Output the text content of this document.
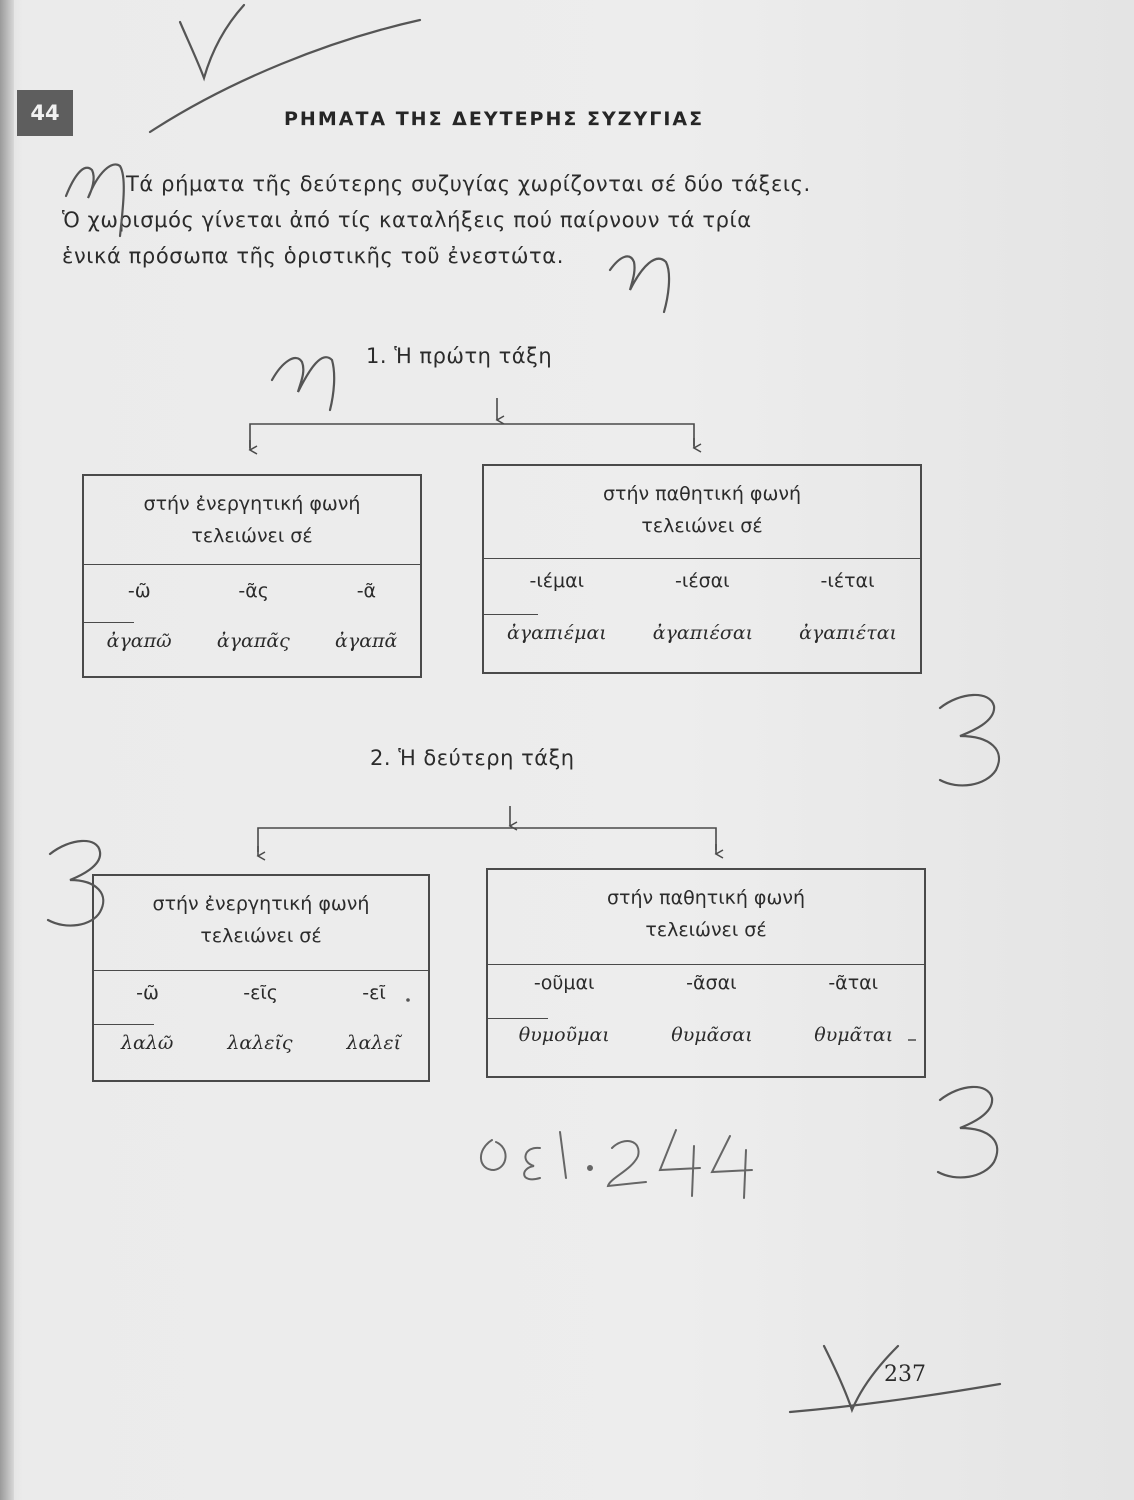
44	ΡΗΜΑΤΑ ΤΗΣ ΔΕΥΤΕΡΗΣ ΣΥΖΥΓΙΑΣ
Τά ρήματα τῆς δεύτερης συζυγίας χωρίζονται σέ δύο τάξεις.
Ὁ χωρισμός γίνεται ἀπό τίς καταλήξεις πού παίρνουν τά τρία
ἑνικά πρόσωπα τῆς ὁριστικῆς τοῦ ἐνεστώτα.
1. Ἡ πρώτη τάξη
στήν ἐνεργητική φωνή
τελειώνει σέ
-ῶ	-ᾶς	-ᾶ
ἀγαπῶ ἀγαπᾶς ἀγαπᾶ
στήν παθητική φωνή
τελειώνει σέ
-ιέμαι	-ιέσαι	-ιέται
ἀγαπιέμαι ἀγαπιέσαι ἀγαπιέται
2. Ἡ δεύτερη τάξη
στήν ἐνεργητική φωνή
τελειώνει σέ
-ῶ	-εῖς	-εῖ
λαλῶ	λαλεῖς	λαλεῖ
στήν παθητική φωνή
τελειώνει σέ
-οῦμαι	-ᾶσαι	-ᾶται
θυμοῦμαι	θυμᾶσαι	θυμᾶται
237
